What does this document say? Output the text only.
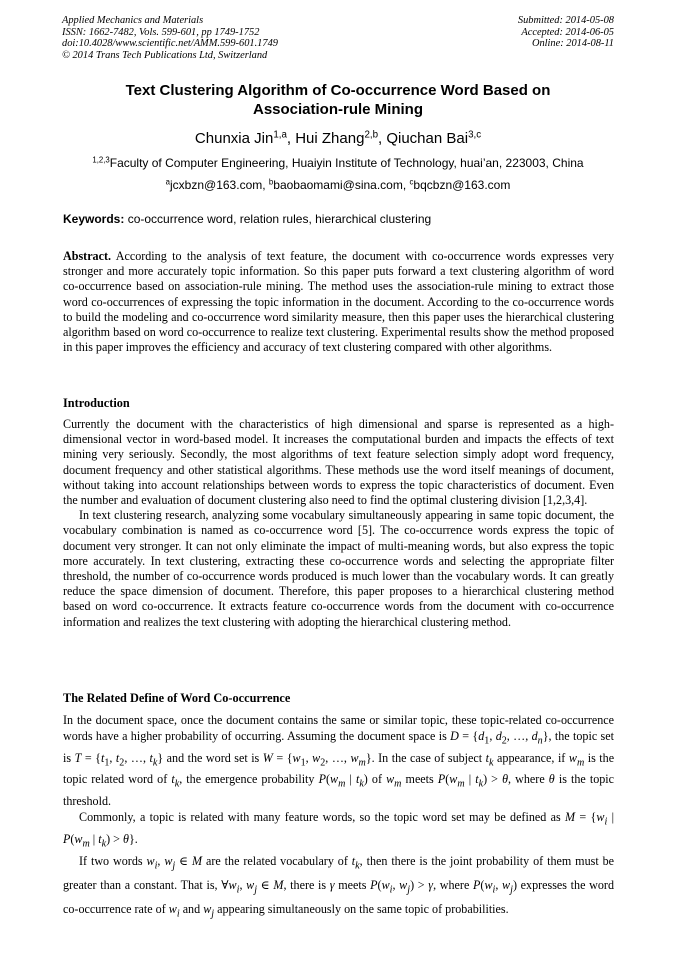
Applied Mechanics and Materials
ISSN: 1662-7482, Vols. 599-601, pp 1749-1752
doi:10.4028/www.scientific.net/AMM.599-601.1749
© 2014 Trans Tech Publications Ltd, Switzerland
Submitted: 2014-05-08
Accepted: 2014-06-05
Online: 2014-08-11
Text Clustering Algorithm of Co-occurrence Word Based on
Association-rule Mining
Chunxia Jin$^{1,a}$, Hui Zhang$^{2,b}$, Qiuchan Bai$^{3,c}$
$^{1,2,3}$Faculty of Computer Engineering, Huaiyin Institute of Technology, huai’an, 223003, China
$^a$jcxbzn@163.com, $^b$baobaomami@sina.com, $^c$bqcbzn@163.com
Keywords: co-occurrence word, relation rules, hierarchical clustering

Abstract. According to the analysis of text feature, the document with co-occurrence words expresses very stronger and more accurately topic information. So this paper puts forward a text clustering algorithm of word co-occurrence based on association-rule mining. The method uses the association-rule mining to extract those word co-occurrences of expressing the topic information in the document. According to the co-occurrence words to build the modeling and co-occurrence word similarity measure, then this paper uses the hierarchical clustering algorithm based on word co-occurrence to realize text clustering. Experimental results show the method proposed in this paper improves the efficiency and accuracy of text clustering compared with other algorithms.

Introduction

Currently the document with the characteristics of high dimensional and sparse is represented as a high-dimensional vector in word-based model. It increases the computational burden and impacts the effects of text mining very seriously. Secondly, the most algorithms of text feature selection simply adopt word frequency, document frequency and other statistical algorithms. These methods use the word itself meanings of document, without taking into account relationships between words to express the topic characteristics of document. Even the number and evaluation of document clustering also need to find the optimal clustering division [1,2,3,4].

In text clustering research, analyzing some vocabulary simultaneously appearing in same topic document, the vocabulary combination is named as co-occurrence word [5]. The co-occurrence words express the topic of document very stronger. It can not only eliminate the impact of multi-meaning words, but also express the topic more accurately. In text clustering, extracting these co-occurrence words and selecting the appropriate filter threshold, the number of co-occurrence words produced is much lower than the vocabulary words. It can greatly reduce the space dimension of document. Therefore, this paper proposes to a hierarchical clustering method based on word co-occurrence. It extracts feature co-occurrence words from the document with co-occurrence information and realizes the text clustering with adopting the hierarchical clustering method.

The Related Define of Word Co-occurrence

In the document space, once the document contains the same or similar topic, these topic-related co-occurrence words have a higher probability of occurring. Assuming the document space is $D = \{d_1$, $d_2$, …, $d_n$}, the topic set is $T = \{t_1$, $t_2$, …, $t_k$} and the word set is $W = \{w_1$, $w_2$, …, $w_m$}. In the case of subject $t_k$ appearance, if $w_m$ is the topic related word of $t_k$, the emergence probability $P(w_m$ | $t_k$) of $w_m$ meets $P(w_m$ | $t_k) > \theta$, where θ is the topic threshold.

Commonly, a topic is related with many feature words, so the topic word set may be defined as $M = \{w_i$ | $P(w_m$ | $t_k) > \theta$}.

If two words $w_i$, $w_j$ ∈ M are the related vocabulary of $t_k$, then there is the joint probability of them must be greater than a constant. That is, $\forall w_i$, $w_j$ ∈ M, there is γ meets $P(w_i$, $w_j) > \gamma$, where $P(w_i$, $w_j$) expresses the word co-occurrence rate of $w_i$ and $w_j$ appearing simultaneously on the same topic of probabilities.
